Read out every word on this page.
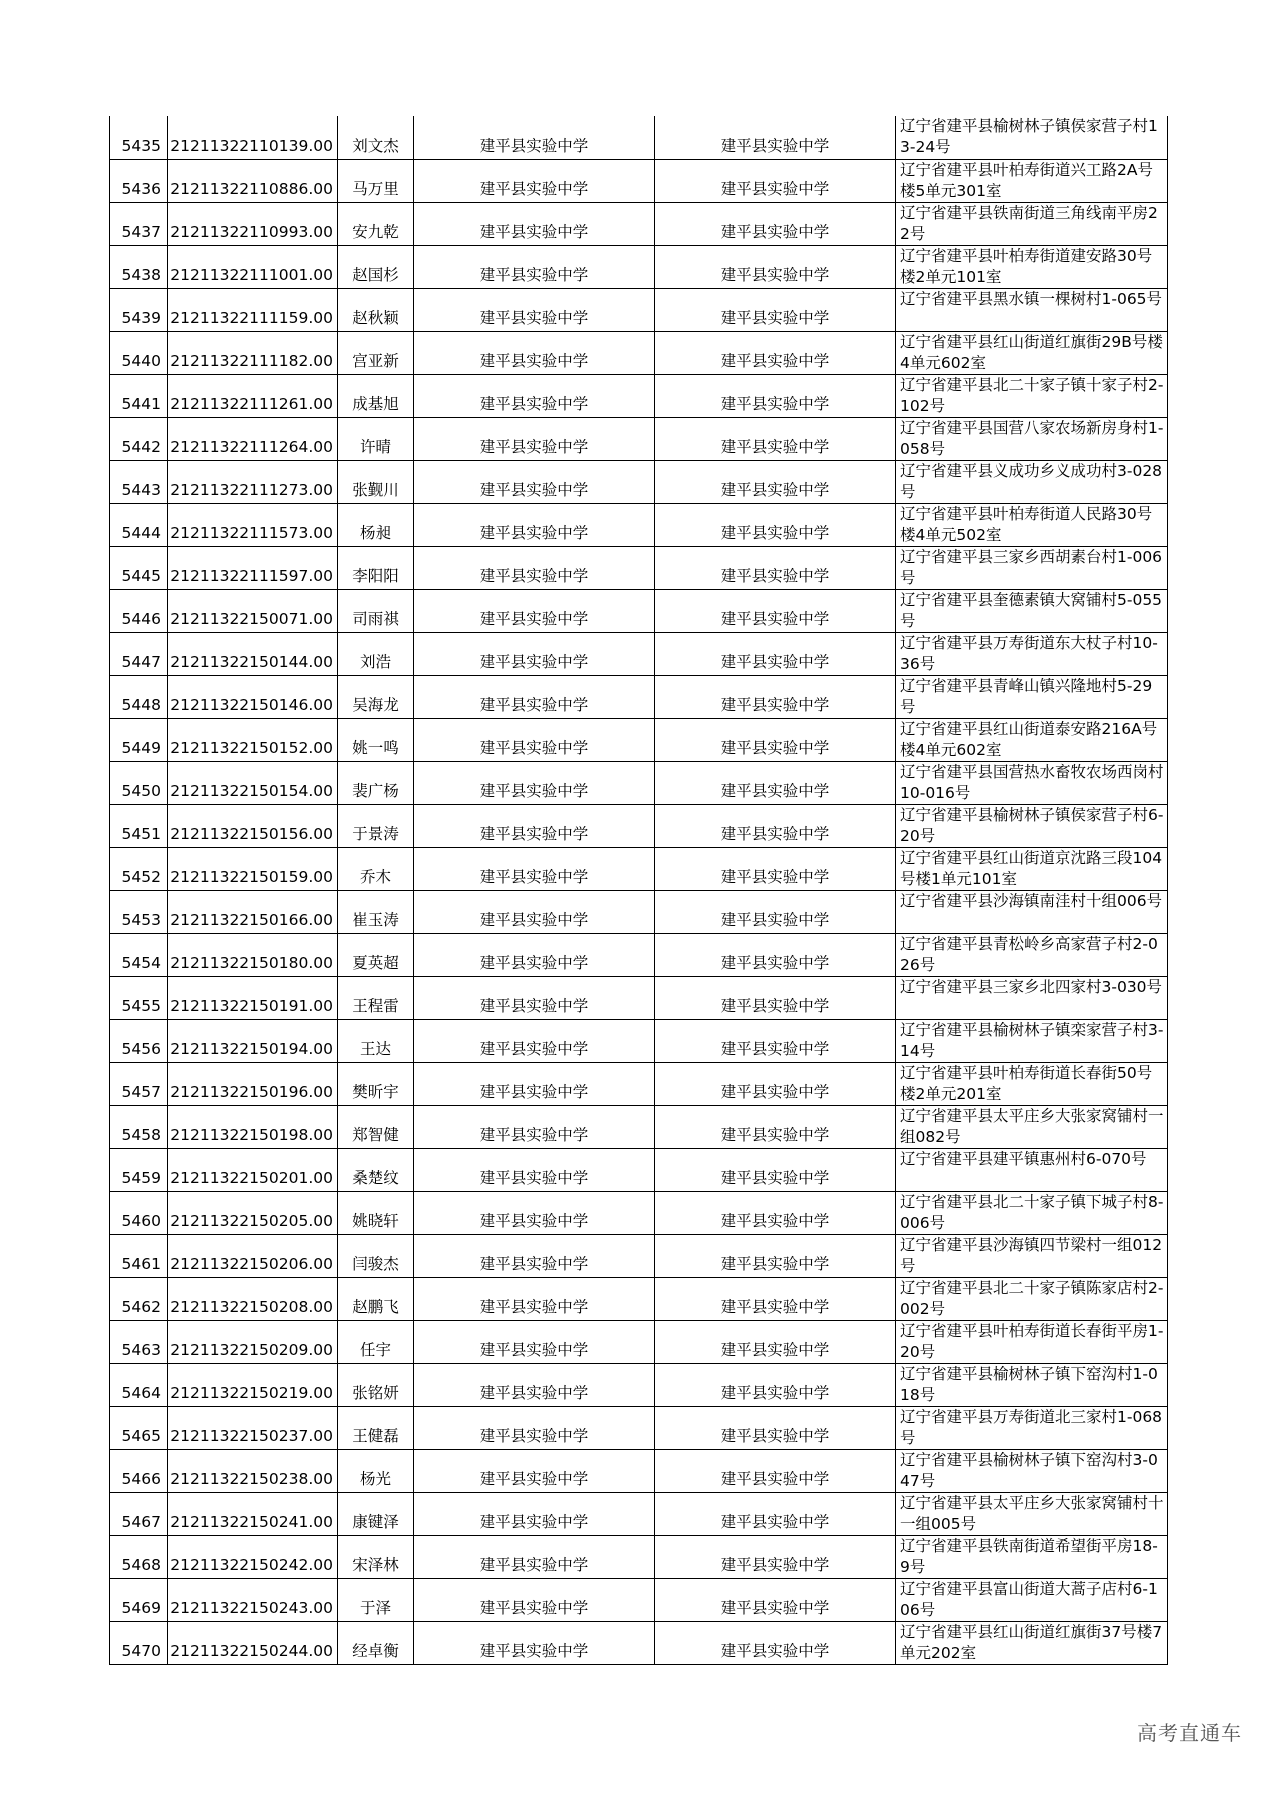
5435	21211322110139.00	刘文杰	建平县实验中学	建平县实验中学	辽宁省建平县榆树林子镇侯家营子村13-24号
5436	21211322110886.00	马万里	建平县实验中学	建平县实验中学	辽宁省建平县叶柏寿街道兴工路2A号楼5单元301室
5437	21211322110993.00	安九乾	建平县实验中学	建平县实验中学	辽宁省建平县铁南街道三角线南平房22号
5438	21211322111001.00	赵国杉	建平县实验中学	建平县实验中学	辽宁省建平县叶柏寿街道建安路30号楼2单元101室
5439	21211322111159.00	赵秋颖	建平县实验中学	建平县实验中学	辽宁省建平县黑水镇一棵树村1-065号
5440	21211322111182.00	宫亚新	建平县实验中学	建平县实验中学	辽宁省建平县红山街道红旗街29B号楼4单元602室
5441	21211322111261.00	成基旭	建平县实验中学	建平县实验中学	辽宁省建平县北二十家子镇十家子村2-102号
5442	21211322111264.00	许晴	建平县实验中学	建平县实验中学	辽宁省建平县国营八家农场新房身村1-058号
5443	21211322111273.00	张觐川	建平县实验中学	建平县实验中学	辽宁省建平县义成功乡义成功村3-028号
5444	21211322111573.00	杨昶	建平县实验中学	建平县实验中学	辽宁省建平县叶柏寿街道人民路30号楼4单元502室
5445	21211322111597.00	李阳阳	建平县实验中学	建平县实验中学	辽宁省建平县三家乡西胡素台村1-006号
5446	21211322150071.00	司雨祺	建平县实验中学	建平县实验中学	辽宁省建平县奎德素镇大窝铺村5-055号
5447	21211322150144.00	刘浩	建平县实验中学	建平县实验中学	辽宁省建平县万寿街道东大杖子村10-36号
5448	21211322150146.00	吴海龙	建平县实验中学	建平县实验中学	辽宁省建平县青峰山镇兴隆地村5-29号
5449	21211322150152.00	姚一鸣	建平县实验中学	建平县实验中学	辽宁省建平县红山街道泰安路216A号楼4单元602室
5450	21211322150154.00	裴广杨	建平县实验中学	建平县实验中学	辽宁省建平县国营热水畜牧农场西岗村10-016号
5451	21211322150156.00	于景涛	建平县实验中学	建平县实验中学	辽宁省建平县榆树林子镇侯家营子村6-20号
5452	21211322150159.00	乔木	建平县实验中学	建平县实验中学	辽宁省建平县红山街道京沈路三段104号楼1单元101室
5453	21211322150166.00	崔玉涛	建平县实验中学	建平县实验中学	辽宁省建平县沙海镇南洼村十组006号
5454	21211322150180.00	夏英超	建平县实验中学	建平县实验中学	辽宁省建平县青松岭乡高家营子村2-026号
5455	21211322150191.00	王程雷	建平县实验中学	建平县实验中学	辽宁省建平县三家乡北四家村3-030号
5456	21211322150194.00	王达	建平县实验中学	建平县实验中学	辽宁省建平县榆树林子镇栾家营子村3-14号
5457	21211322150196.00	樊昕宇	建平县实验中学	建平县实验中学	辽宁省建平县叶柏寿街道长春街50号楼2单元201室
5458	21211322150198.00	郑智健	建平县实验中学	建平县实验中学	辽宁省建平县太平庄乡大张家窝铺村一组082号
5459	21211322150201.00	桑楚纹	建平县实验中学	建平县实验中学	辽宁省建平县建平镇惠州村6-070号
5460	21211322150205.00	姚晓轩	建平县实验中学	建平县实验中学	辽宁省建平县北二十家子镇下城子村8-006号
5461	21211322150206.00	闫骏杰	建平县实验中学	建平县实验中学	辽宁省建平县沙海镇四节梁村一组012号
5462	21211322150208.00	赵鹏飞	建平县实验中学	建平县实验中学	辽宁省建平县北二十家子镇陈家店村2-002号
5463	21211322150209.00	任宇	建平县实验中学	建平县实验中学	辽宁省建平县叶柏寿街道长春街平房1-20号
5464	21211322150219.00	张铭妍	建平县实验中学	建平县实验中学	辽宁省建平县榆树林子镇下窑沟村1-018号
5465	21211322150237.00	王健磊	建平县实验中学	建平县实验中学	辽宁省建平县万寿街道北三家村1-068号
5466	21211322150238.00	杨光	建平县实验中学	建平县实验中学	辽宁省建平县榆树林子镇下窑沟村3-047号
5467	21211322150241.00	康键泽	建平县实验中学	建平县实验中学	辽宁省建平县太平庄乡大张家窝铺村十一组005号
5468	21211322150242.00	宋泽林	建平县实验中学	建平县实验中学	辽宁省建平县铁南街道希望街平房18-9号
5469	21211322150243.00	于泽	建平县实验中学	建平县实验中学	辽宁省建平县富山街道大蒿子店村6-106号
5470	21211322150244.00	经卓衡	建平县实验中学	建平县实验中学	辽宁省建平县红山街道红旗街37号楼7单元202室
高考直通车
